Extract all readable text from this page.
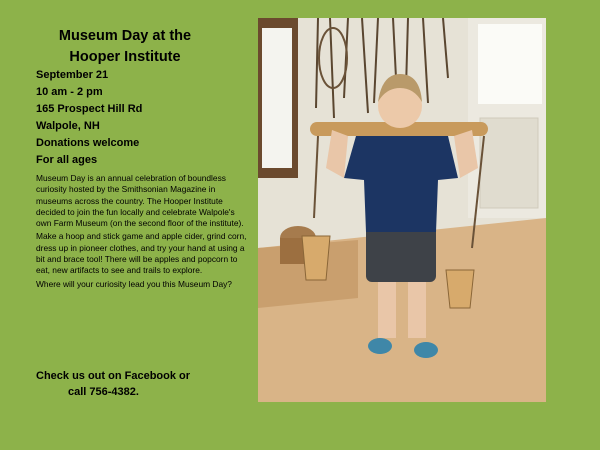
Museum Day at the
Hooper Institute
September 21
10 am - 2 pm
165 Prospect Hill Rd
Walpole, NH
Donations welcome
For all ages

Museum Day is an annual celebration of boundless curiosity hosted by the Smithsonian Magazine in museums across the country. The Hooper Institute decided to join the fun locally and celebrate Walpole's own Farm Museum (on the second floor of the institute).

Make a hoop and stick game and apple cider, grind corn, dress up in pioneer clothes, and try your hand at using a bit and brace tool! There will be apples and popcorn to eat, new artifacts to see and trails to explore.

Where will your curiosity lead you this Museum Day?

Check us out on Facebook or
call 756-4382.
